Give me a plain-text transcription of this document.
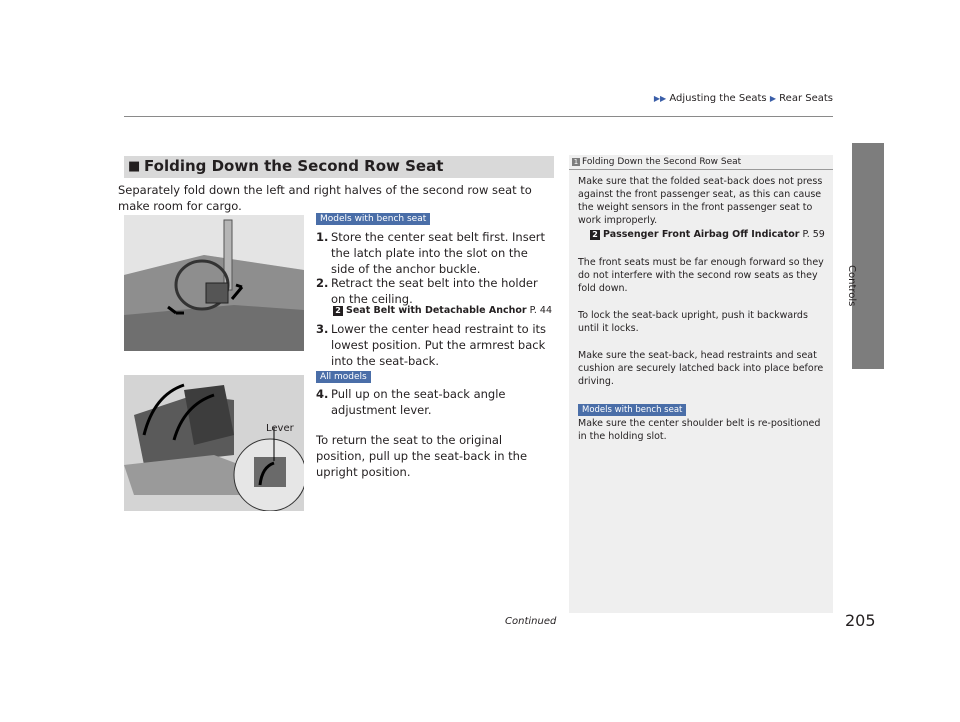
▶▶ Adjusting the Seats ▶ Rear Seats
Controls
■ Folding Down the Second Row Seat
Separately fold down the left and right halves of the second row seat to make room for cargo.
Lever
Models with bench seat
1. Store the center seat belt first. Insert the latch plate into the slot on the side of the anchor buckle.
2. Retract the seat belt into the holder on the ceiling.
2 Seat Belt with Detachable Anchor P. 44
3. Lower the center head restraint to its lowest position. Put the armrest back into the seat-back.
All models
4. Pull up on the seat-back angle adjustment lever.
To return the seat to the original position, pull up the seat-back in the upright position.
1 Folding Down the Second Row Seat
Make sure that the folded seat-back does not press against the front passenger seat, as this can cause the weight sensors in the front passenger seat to work improperly.
2 Passenger Front Airbag Off Indicator P. 59
The front seats must be far enough forward so they do not interfere with the second row seats as they fold down.
To lock the seat-back upright, push it backwards until it locks.
Make sure the seat-back, head restraints and seat cushion are securely latched back into place before driving.
Models with bench seat
Make sure the center shoulder belt is re-positioned in the holding slot.
Continued	205
